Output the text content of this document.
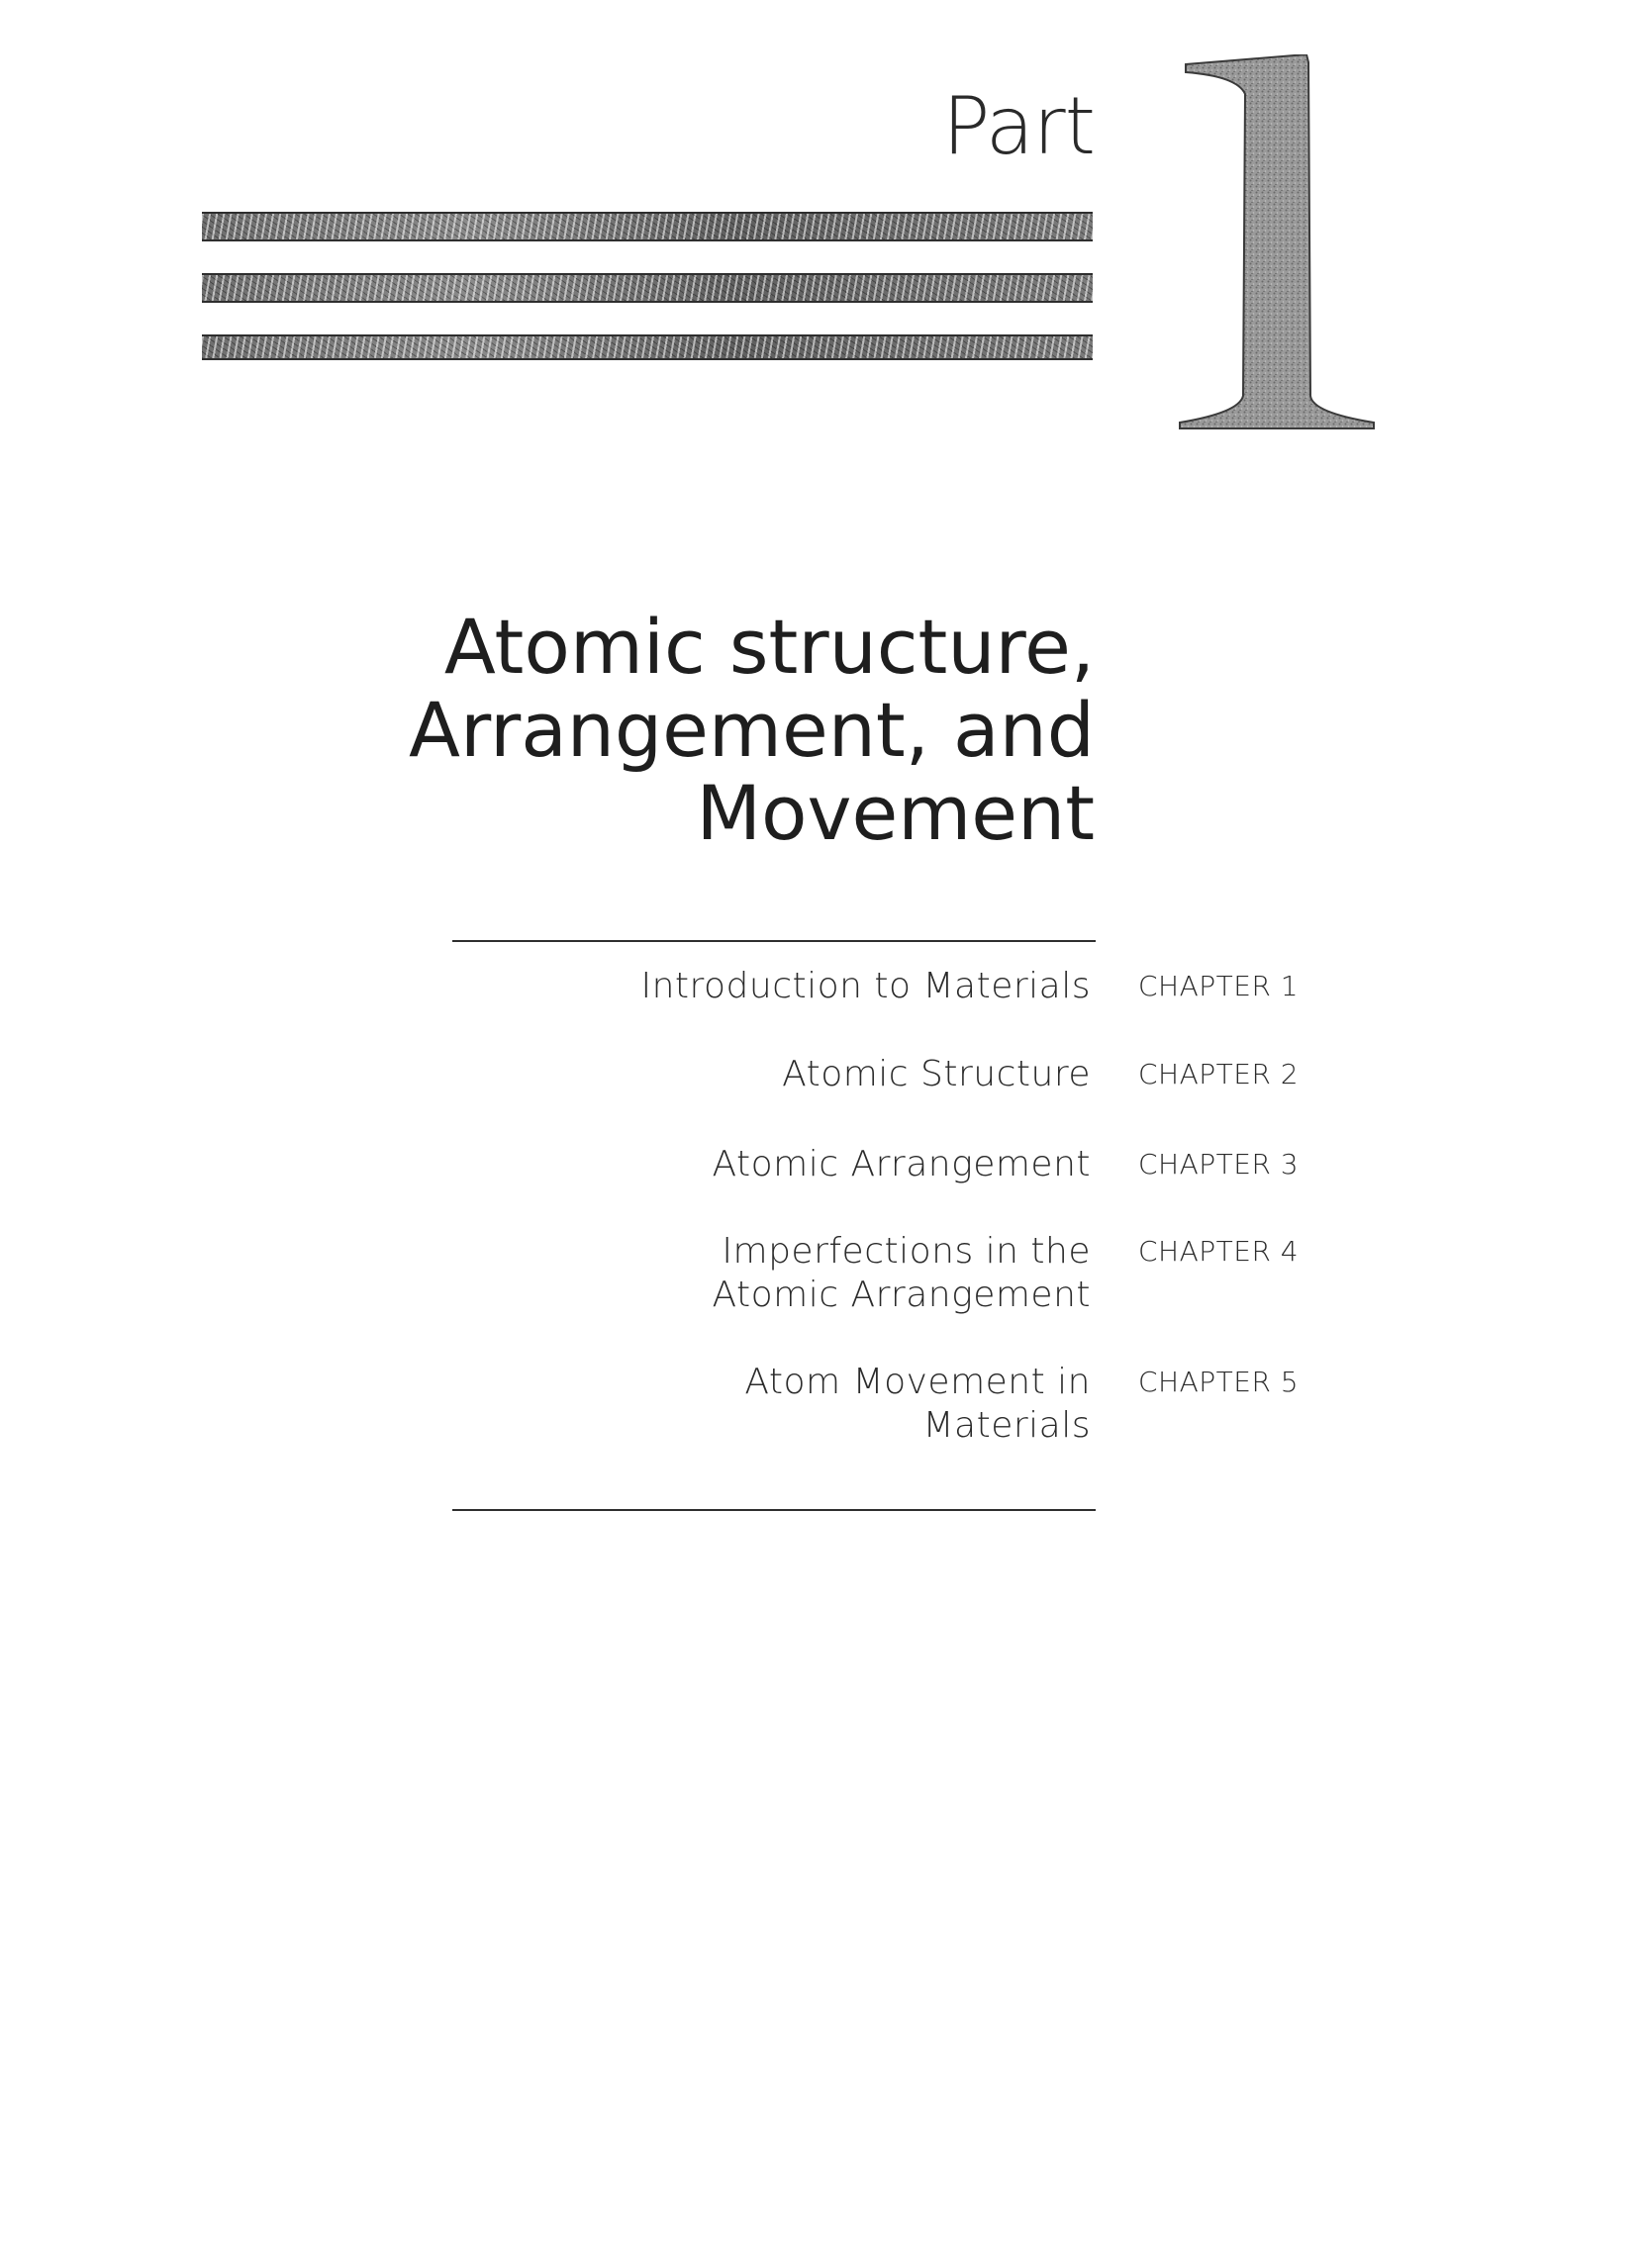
Part
1
Atomic structure,
Arrangement, and
Movement
Introduction to Materials CHAPTER 1
Atomic Structure CHAPTER 2
Atomic Arrangement CHAPTER 3
Imperfections in the
Atomic Arrangement
CHAPTER 4
Atom Movement in
Materials
CHAPTER 5
